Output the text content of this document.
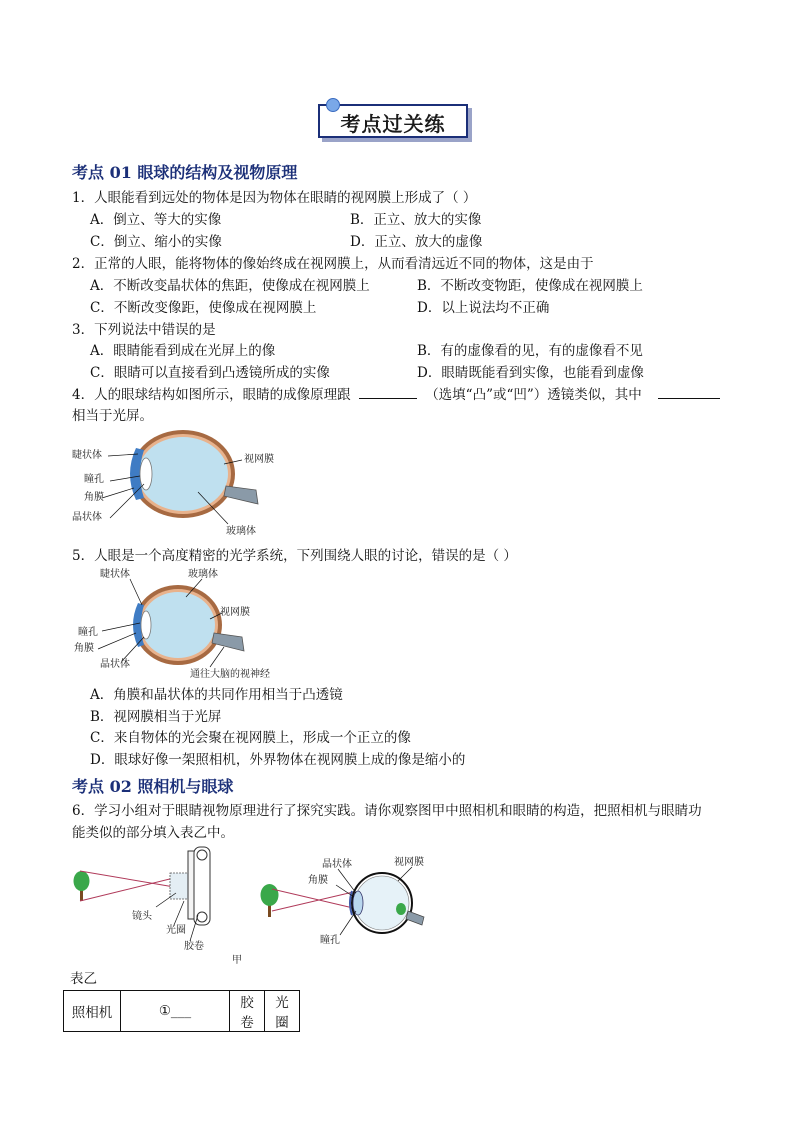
考点过关练
考点 01 眼球的结构及视物原理
1．人眼能看到远处的物体是因为物体在眼睛的视网膜上形成了（ ）
A．倒立、等大的实像	B．正立、放大的实像
C．倒立、缩小的实像	D．正立、放大的虚像
2．正常的人眼，能将物体的像始终成在视网膜上，从而看清远近不同的物体，这是由于
A．不断改变晶状体的焦距，使像成在视网膜上	B．不断改变物距，使像成在视网膜上
C．不断改变像距，使像成在视网膜上	D．以上说法均不正确
3．下列说法中错误的是
A．眼睛能看到成在光屏上的像	B．有的虚像看的见，有的虚像看不见
C．眼睛可以直接看到凸透镜所成的实像	D．眼睛既能看到实像，也能看到虚像
4．人的眼球结构如图所示，眼睛的成像原理跟	（选填“凸”或“凹”）透镜类似，其中
相当于光屏。
睫状体
瞳孔
角膜
晶状体
视网膜
玻璃体
5．人眼是一个高度精密的光学系统，下列围绕人眼的讨论，错误的是（ ）
睫状体	玻璃体
视网膜
瞳孔
角膜
晶状体
通往大脑的视神经
A．角膜和晶状体的共同作用相当于凸透镜
B．视网膜相当于光屏
C．来自物体的光会聚在视网膜上，形成一个正立的像
D．眼球好像一架照相机，外界物体在视网膜上成的像是缩小的
考点 02 照相机与眼球
6．学习小组对于眼睛视物原理进行了探究实践。请你观察图甲中照相机和眼睛的构造，把照相机与眼睛功
能类似的部分填入表乙中。
镜头
光圈
胶卷
甲
晶状体	视网膜
角膜
瞳孔
表乙
照相机	①___	胶卷	光圈
